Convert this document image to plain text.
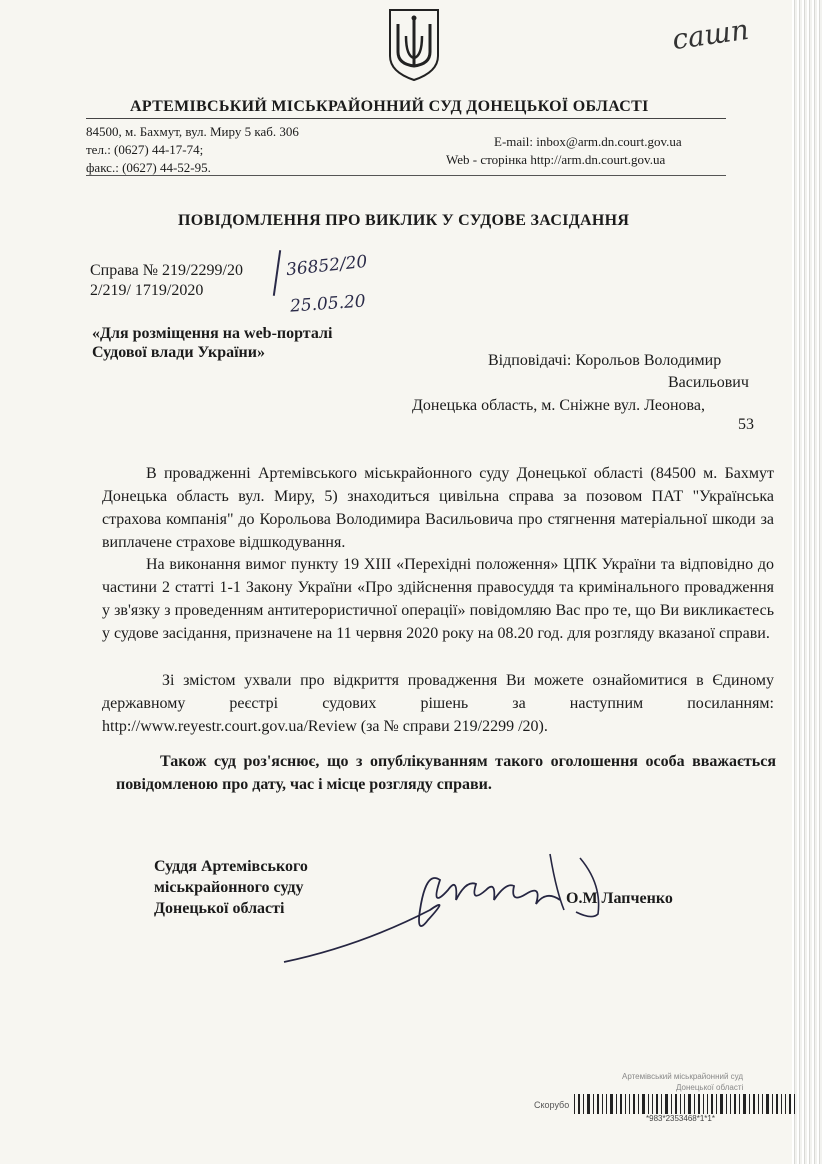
сашп
АРТЕМІВСЬКИЙ МІСЬКРАЙОННИЙ СУД ДОНЕЦЬКОЇ ОБЛАСТІ
84500, м. Бахмут, вул. Миру 5 каб. 306
тел.: (0627) 44-17-74;
факс.: (0627) 44-52-95.
E-mail: inbox@arm.dn.court.gov.ua
Web - сторінка http://arm.dn.court.gov.ua
ПОВІДОМЛЕННЯ ПРО ВИКЛИК У СУДОВЕ ЗАСІДАННЯ
Справа № 219/2299/20
2/219/ 1719/2020
36852/20
25.05.20
«Для розміщення на web-порталі
Судової влади України»	Відповідачі: Корольов Володимир
Васильович
Донецька область, м. Сніжне вул. Леонова,
53
В провадженні Артемівського міськрайонного суду Донецької області (84500 м. Бахмут Донецька область вул. Миру, 5) знаходиться цивільна справа за позовом ПАТ "Українська страхова компанія" до Корольова Володимира Васильовича про стягнення матеріальної шкоди за виплачене страхове відшкодування.
На виконання вимог пункту 19 ХІІІ «Перехідні положення» ЦПК України та відповідно до частини 2 статті 1-1 Закону України «Про здійснення правосуддя та кримінального провадження у зв'язку з проведенням антитерористичної операції» повідомляю Вас про те, що Ви викликаєтесь у судове засідання, призначене на 11 червня 2020 року на 08.20 год. для розгляду вказаної справи.
Зі змістом ухвали про відкриття провадження Ви можете ознайомитися в Єдиному державному реєстрі судових рішень за наступним посиланням: http://www.reyestr.court.gov.ua/Review (за № справи 219/2299 /20).
Також суд роз'яснює, що з опублікуванням такого оголошення особа вважається повідомленою про дату, час і місце розгляду справи.
Суддя Артемівського
міськрайонного суду
Донецької області
О.М Лапченко
Артемівський міськрайонний суд
Донецької області
Скорубо
*983*2353468*1*1*
